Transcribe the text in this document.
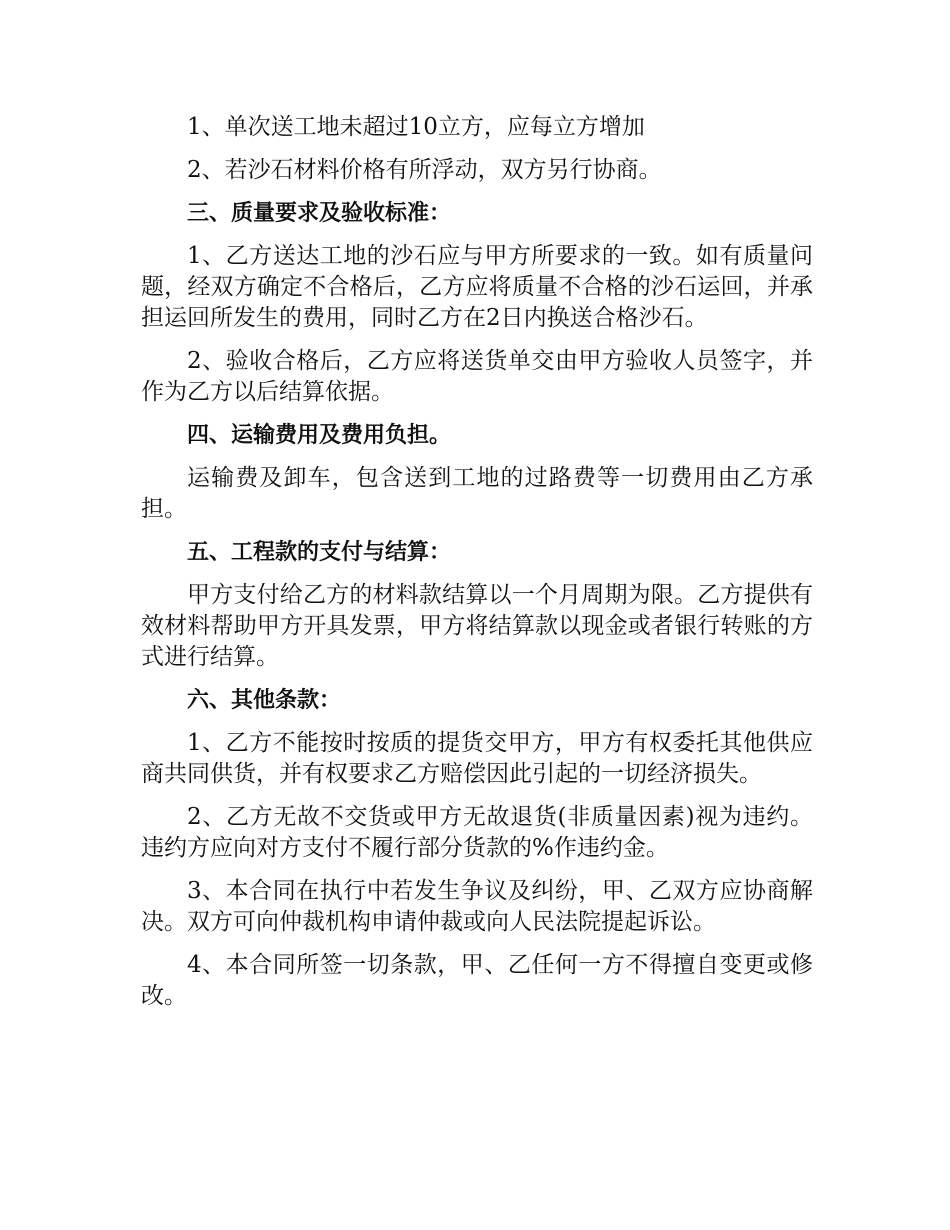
1、单次送工地未超过10立方，应每立方增加

2、若沙石材料价格有所浮动，双方另行协商。

三、质量要求及验收标准：

1、乙方送达工地的沙石应与甲方所要求的一致。如有质量问题，经双方确定不合格后，乙方应将质量不合格的沙石运回，并承担运回所发生的费用，同时乙方在2日内换送合格沙石。

2、验收合格后，乙方应将送货单交由甲方验收人员签字，并作为乙方以后结算依据。

四、运输费用及费用负担。

运输费及卸车，包含送到工地的过路费等一切费用由乙方承担。

五、工程款的支付与结算：

甲方支付给乙方的材料款结算以一个月周期为限。乙方提供有效材料帮助甲方开具发票，甲方将结算款以现金或者银行转账的方式进行结算。

六、其他条款：

1、乙方不能按时按质的提货交甲方，甲方有权委托其他供应商共同供货，并有权要求乙方赔偿因此引起的一切经济损失。

2、乙方无故不交货或甲方无故退货(非质量因素)视为违约。违约方应向对方支付不履行部分货款的%作违约金。

3、本合同在执行中若发生争议及纠纷，甲、乙双方应协商解决。双方可向仲裁机构申请仲裁或向人民法院提起诉讼。

4、本合同所签一切条款，甲、乙任何一方不得擅自变更或修改。
